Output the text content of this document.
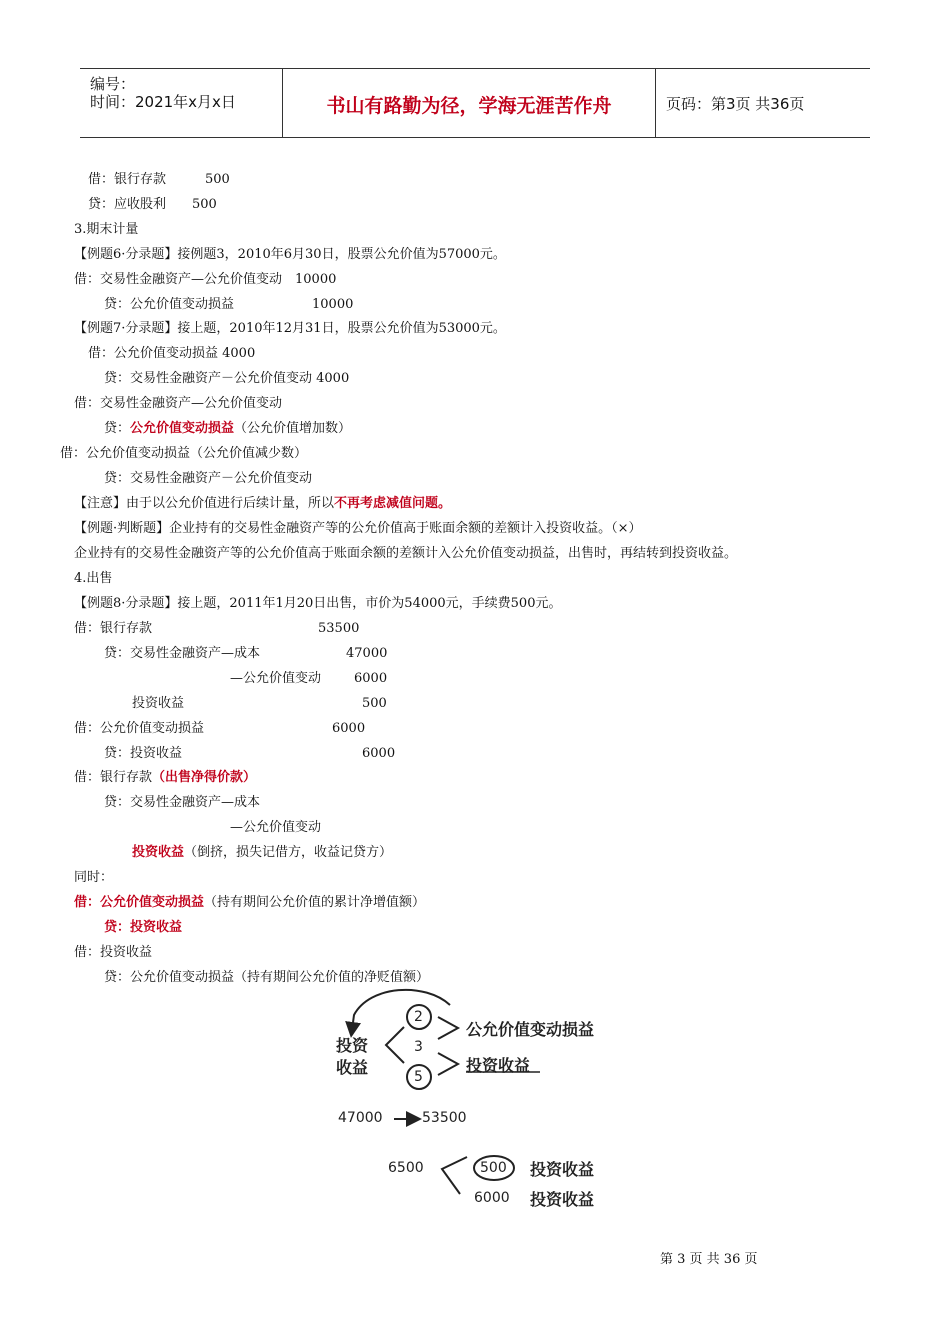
编号：
时间：2021年x月x日	书山有路勤为径，学海无涯苦作舟	页码：第3页 共36页
借：银行存款　　　500
贷：应收股利　　500
3.期末计量
【例题6·分录题】接例题3，2010年6月30日，股票公允价值为57000元。
借：交易性金融资产—公允价值变动　10000
贷：公允价值变动损益　　　　　　10000
【例题7·分录题】接上题，2010年12月31日，股票公允价值为53000元。
借：公允价值变动损益 4000
贷：交易性金融资产－公允价值变动 4000
借：交易性金融资产—公允价值变动
贷：公允价值变动损益（公允价值增加数）
借：公允价值变动损益（公允价值减少数）
贷：交易性金融资产－公允价值变动
【注意】由于以公允价值进行后续计量，所以不再考虑减值问题。
【例题·判断题】企业持有的交易性金融资产等的公允价值高于账面余额的差额计入投资收益。（×）
企业持有的交易性金融资产等的公允价值高于账面余额的差额计入公允价值变动损益，出售时，再结转到投资收益。
4.出售
【例题8·分录题】接上题，2011年1月20日出售，市价为54000元，手续费500元。
借：银行存款	53500
贷：交易性金融资产—成本	47000
—公允价值变动	6000
投资收益	500
借：公允价值变动损益	6000
贷：投资收益	6000
借：银行存款（出售净得价款）
贷：交易性金融资产—成本
—公允价值变动
投资收益（倒挤，损失记借方，收益记贷方）
同时：
借：公允价值变动损益（持有期间公允价值的累计净增值额）
贷：投资收益
借：投资收益
贷：公允价值变动损益（持有期间公允价值的净贬值额）
投资
收益
2
3
5
公允价值变动损益
投资收益
47000	53500
6500	500 投资收益
6000 投资收益
第 3 页 共 36 页
